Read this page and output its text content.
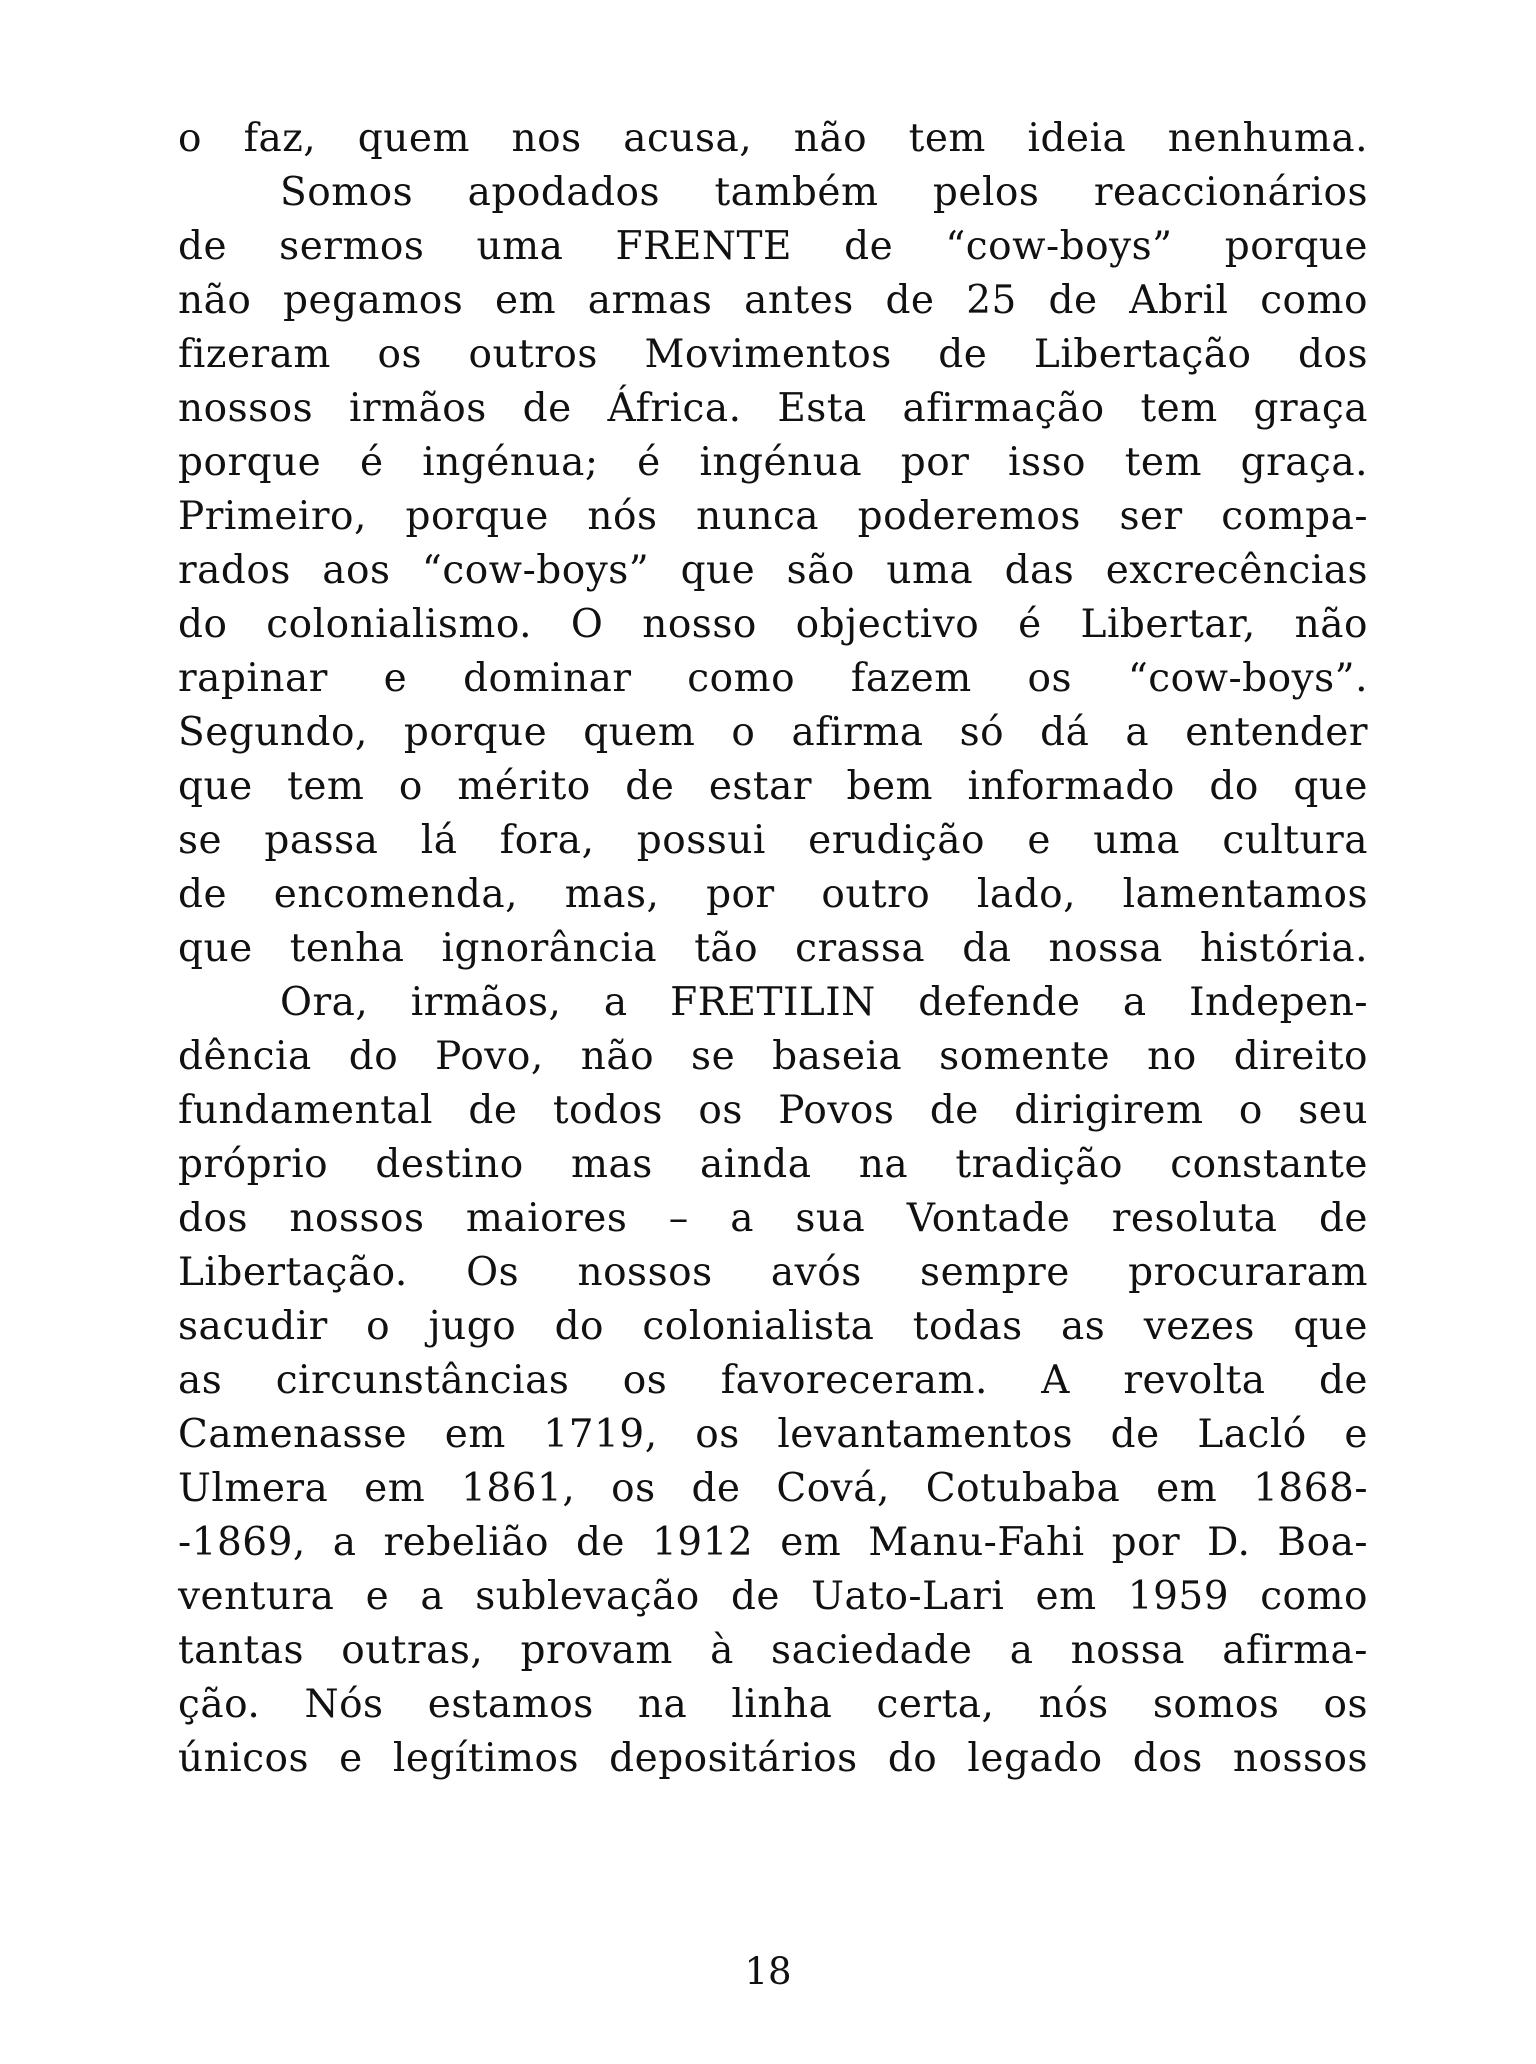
o faz, quem nos acusa, não tem ideia nenhuma.
Somos apodados também pelos reaccionários
de sermos uma FRENTE de “cow-boys” porque
não pegamos em armas antes de 25 de Abril como
fizeram os outros Movimentos de Libertação dos
nossos irmãos de África. Esta afirmação tem graça
porque é ingénua; é ingénua por isso tem graça.
Primeiro, porque nós nunca poderemos ser compa-
rados aos “cow-boys” que são uma das excrecências
do colonialismo. O nosso objectivo é Libertar, não
rapinar e dominar como fazem os “cow-boys”.
Segundo, porque quem o afirma só dá a entender
que tem o mérito de estar bem informado do que
se passa lá fora, possui erudição e uma cultura
de encomenda, mas, por outro lado, lamentamos
que tenha ignorância tão crassa da nossa história.
Ora, irmãos, a FRETILIN defende a Indepen-
dência do Povo, não se baseia somente no direito
fundamental de todos os Povos de dirigirem o seu
próprio destino mas ainda na tradição constante
dos nossos maiores – a sua Vontade resoluta de
Libertação. Os nossos avós sempre procuraram
sacudir o jugo do colonialista todas as vezes que
as circunstâncias os favoreceram. A revolta de
Camenasse em 1719, os levantamentos de Lacló e
Ulmera em 1861, os de Cová, Cotubaba em 1868-
-1869, a rebelião de 1912 em Manu-Fahi por D. Boa-
ventura e a sublevação de Uato-Lari em 1959 como
tantas outras, provam à saciedade a nossa afirma-
ção. Nós estamos na linha certa, nós somos os
únicos e legítimos depositários do legado dos nossos
18
